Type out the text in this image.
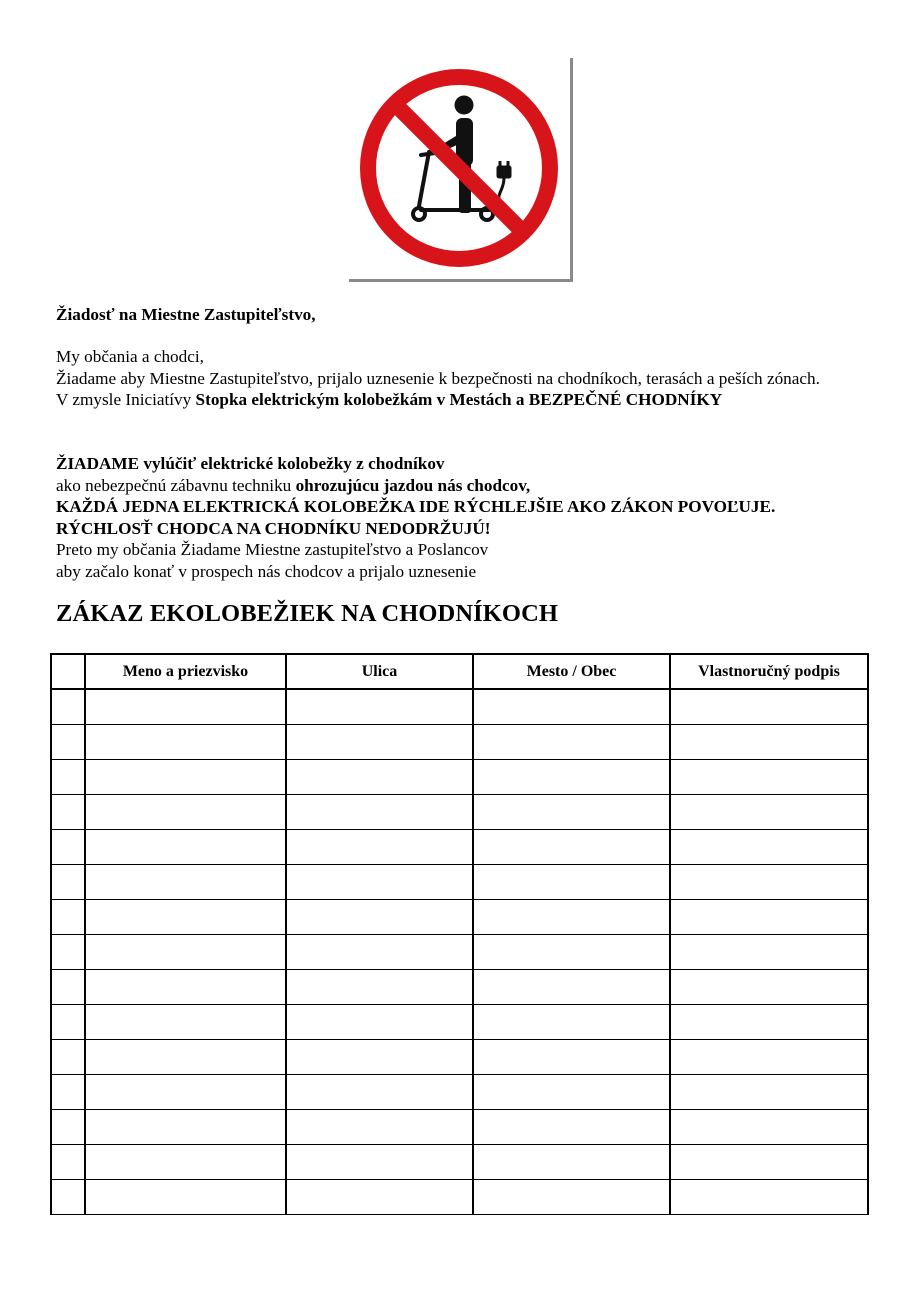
Žiadosť na Miestne Zastupiteľstvo,
My občania a chodci,
Žiadame aby Miestne Zastupiteľstvo, prijalo uznesenie k bezpečnosti na chodníkoch, terasách a peších zónach.
V zmysle Iniciatívy Stopka elektrickým kolobežkám v Mestách a BEZPEČNÉ CHODNÍKY
ŽIADAME vylúčiť elektrické kolobežky z chodníkov
ako nebezpečnú zábavnu techniku ohrozujúcu jazdou nás chodcov,
KAŽDÁ JEDNA ELEKTRICKÁ KOLOBEŽKA IDE RÝCHLEJŠIE AKO ZÁKON POVOĽUJE.
RÝCHLOSŤ CHODCA NA CHODNÍKU NEDODRŽUJÚ!
Preto my občania Žiadame Miestne zastupiteľstvo a Poslancov
aby začalo konať v prospech nás chodcov a prijalo uznesenie
ZÁKAZ EKOLOBEŽIEK NA CHODNÍKOCH
	Meno a priezvisko	Ulica	Mesto / Obec	Vlastnoručný podpis
